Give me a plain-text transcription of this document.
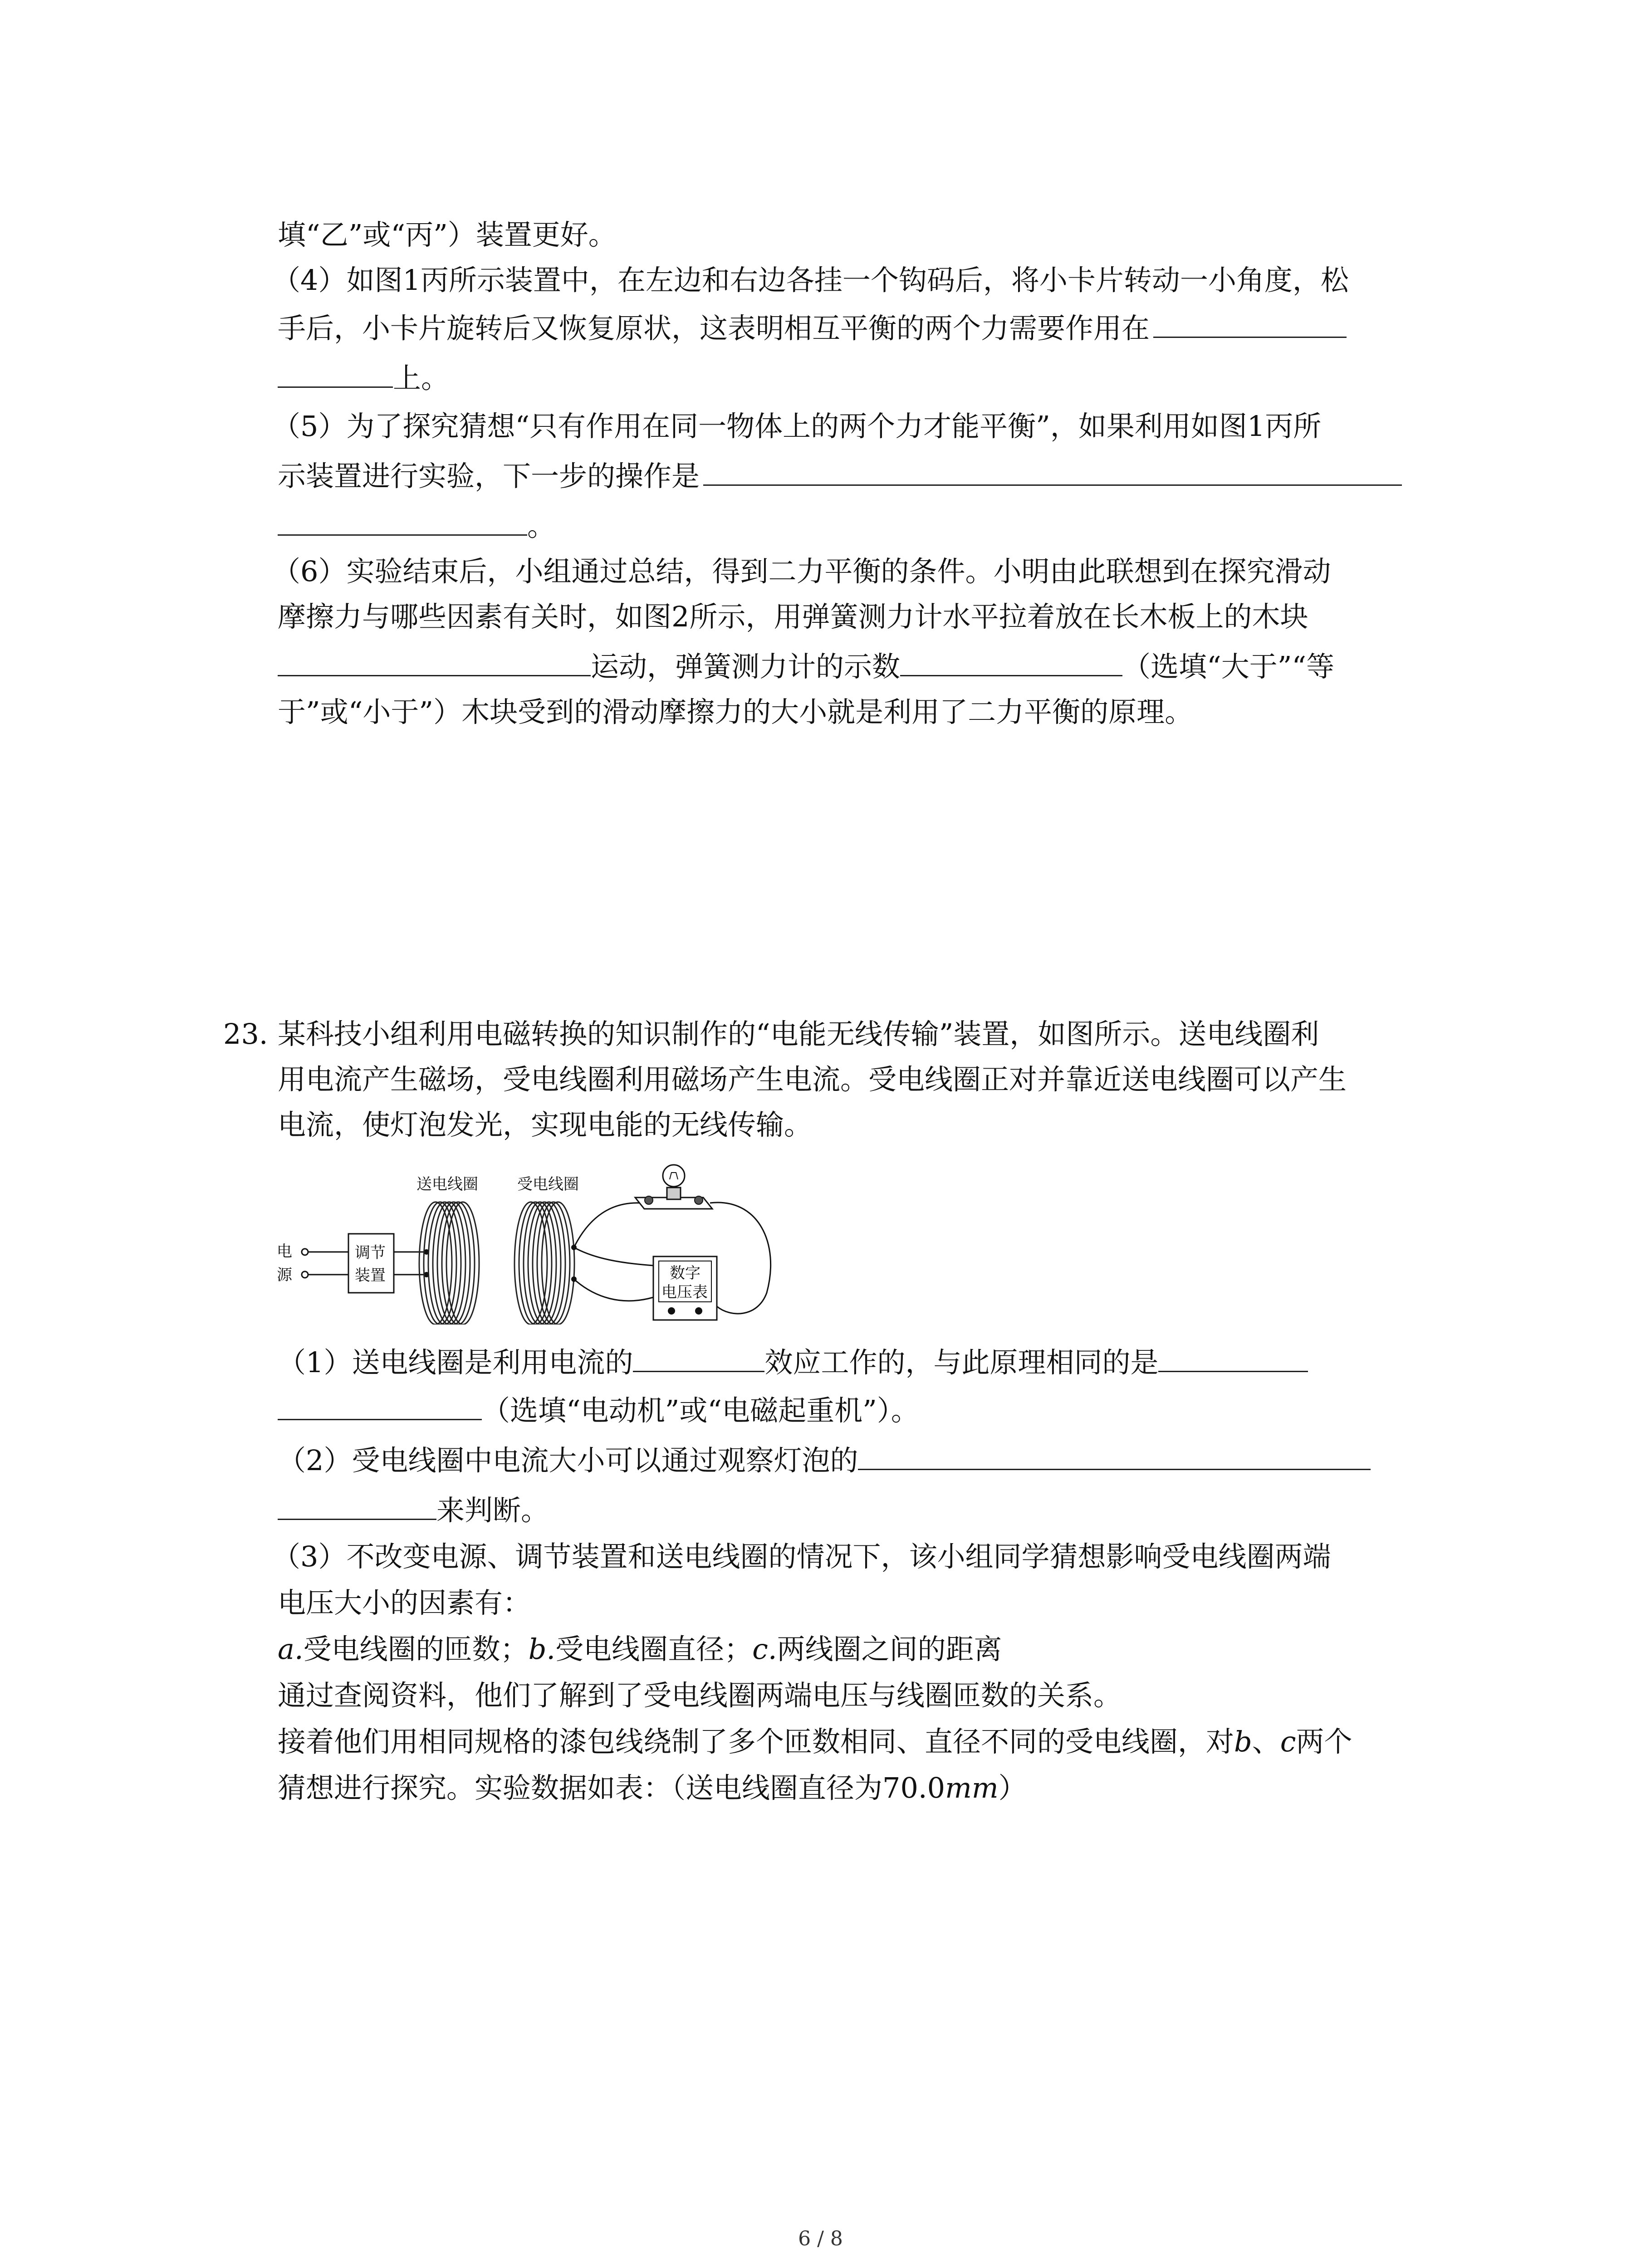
填“乙”或“丙”）装置更好。
（4）如图1丙所示装置中，在左边和右边各挂一个钩码后，将小卡片转动一小角度，松
手后，小卡片旋转后又恢复原状，这表明相互平衡的两个力需要作用在
上。
（5）为了探究猜想“只有作用在同一物体上的两个力才能平衡”，如果利用如图1丙所
示装置进行实验，下一步的操作是
。
（6）实验结束后，小组通过总结，得到二力平衡的条件。小明由此联想到在探究滑动
摩擦力与哪些因素有关时，如图2所示，用弹簧测力计水平拉着放在长木板上的木块
运动，弹簧测力计的示数	（选填“大于”“等
于”或“小于”）木块受到的滑动摩擦力的大小就是利用了二力平衡的原理。
23. 某科技小组利用电磁转换的知识制作的“电能无线传输”装置，如图所示。送电线圈利
用电流产生磁场，受电线圈利用磁场产生电流。受电线圈正对并靠近送电线圈可以产生
电流，使灯泡发光，实现电能的无线传输。
电
源
调节
装置
送电线圈	受电线圈
数字
电压表
（1）送电线圈是利用电流的	效应工作的，与此原理相同的是
（选填“电动机”或“电磁起重机”）。
（2）受电线圈中电流大小可以通过观察灯泡的
来判断。
（3）不改变电源、调节装置和送电线圈的情况下，该小组同学猜想影响受电线圈两端
电压大小的因素有：
a.受电线圈的匝数；b.受电线圈直径；c.两线圈之间的距离
通过查阅资料，他们了解到了受电线圈两端电压与线圈匝数的关系。
接着他们用相同规格的漆包线绕制了多个匝数相同、直径不同的受电线圈，对b、c两个
猜想进行探究。实验数据如表：（送电线圈直径为70.0mm）
6 / 8
